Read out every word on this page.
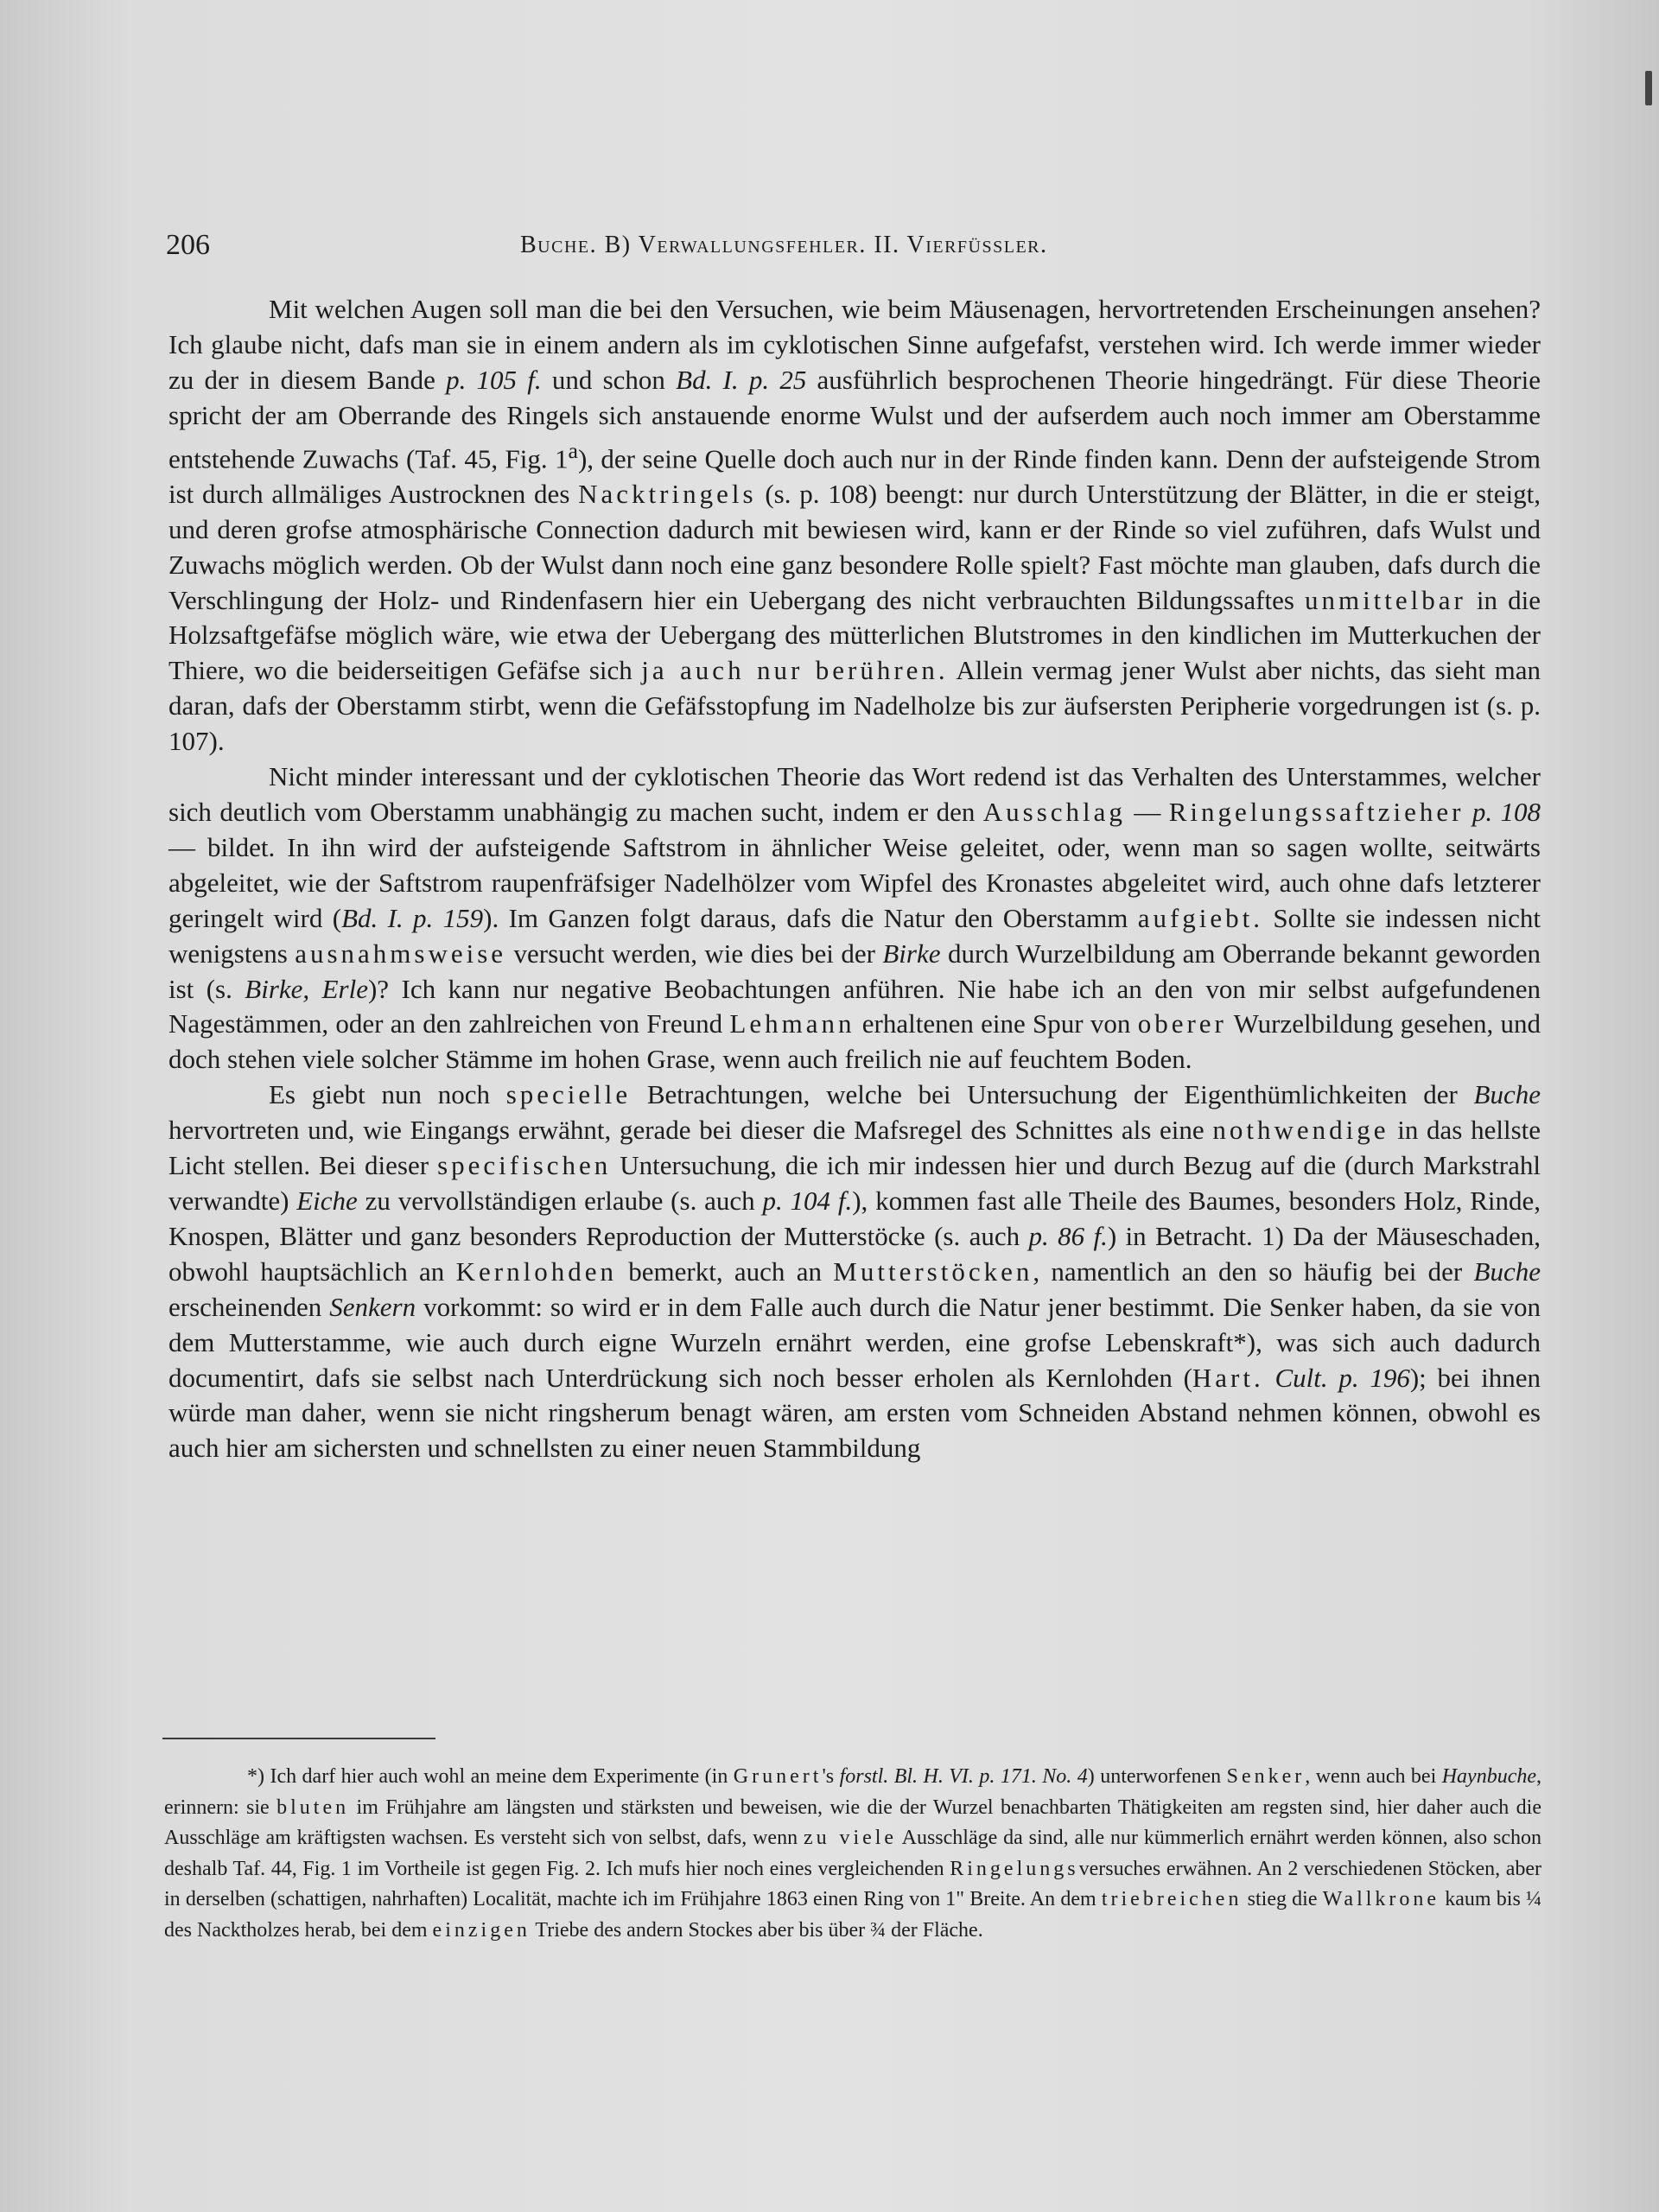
206	Buche. B) Verwallungsfehler. II. Vierfüssler.

Mit welchen Augen soll man die bei den Versuchen, wie beim Mäusenagen, hervortretenden Erscheinungen ansehen? Ich glaube nicht, dafs man sie in einem andern als im cyklotischen Sinne aufgefafst, verstehen wird. Ich werde immer wieder zu der in diesem Bande p. 105 f. und schon Bd. I. p. 25 ausführlich besprochenen Theorie hingedrängt. Für diese Theorie spricht der am Oberrande des Ringels sich anstauende enorme Wulst und der aufserdem auch noch immer am Oberstamme entstehende Zuwachs (Taf. 45, Fig. 1$^a$), der seine Quelle doch auch nur in der Rinde finden kann. Denn der aufsteigende Strom ist durch allmäliges Austrocknen des Nacktringels (s. p. 108) beengt: nur durch Unterstützung der Blätter, in die er steigt, und deren grofse atmosphärische Connection dadurch mit bewiesen wird, kann er der Rinde so viel zuführen, dafs Wulst und Zuwachs möglich werden. Ob der Wulst dann noch eine ganz besondere Rolle spielt? Fast möchte man glauben, dafs durch die Verschlingung der Holz- und Rindenfasern hier ein Uebergang des nicht verbrauchten Bildungssaftes unmittelbar in die Holzsaftgefäfse möglich wäre, wie etwa der Uebergang des mütterlichen Blutstromes in den kindlichen im Mutterkuchen der Thiere, wo die beiderseitigen Gefäfse sich ja auch nur berühren. Allein vermag jener Wulst aber nichts, das sieht man daran, dafs der Oberstamm stirbt, wenn die Gefäfsstopfung im Nadelholze bis zur äufsersten Peripherie vorgedrungen ist (s. p. 107).

Nicht minder interessant und der cyklotischen Theorie das Wort redend ist das Verhalten des Unterstammes, welcher sich deutlich vom Oberstamm unabhängig zu machen sucht, indem er den Ausschlag — Ringelungssaftzieher p. 108 — bildet. In ihn wird der aufsteigende Saftstrom in ähnlicher Weise geleitet, oder, wenn man so sagen wollte, seitwärts abgeleitet, wie der Saftstrom raupenfräfsiger Nadelhölzer vom Wipfel des Kronastes abgeleitet wird, auch ohne dafs letzterer geringelt wird (Bd. I. p. 159). Im Ganzen folgt daraus, dafs die Natur den Oberstamm aufgiebt. Sollte sie indessen nicht wenigstens ausnahmsweise versucht werden, wie dies bei der Birke durch Wurzelbildung am Oberrande bekannt geworden ist (s. Birke, Erle)? Ich kann nur negative Beobachtungen anführen. Nie habe ich an den von mir selbst aufgefundenen Nagestämmen, oder an den zahlreichen von Freund Lehmann erhaltenen eine Spur von oberer Wurzelbildung gesehen, und doch stehen viele solcher Stämme im hohen Grase, wenn auch freilich nie auf feuchtem Boden.

Es giebt nun noch specielle Betrachtungen, welche bei Untersuchung der Eigenthümlichkeiten der Buche hervortreten und, wie Eingangs erwähnt, gerade bei dieser die Mafsregel des Schnittes als eine nothwendige in das hellste Licht stellen. Bei dieser specifischen Untersuchung, die ich mir indessen hier und durch Bezug auf die (durch Markstrahl verwandte) Eiche zu vervollständigen erlaube (s. auch p. 104 f.), kommen fast alle Theile des Baumes, besonders Holz, Rinde, Knospen, Blätter und ganz besonders Reproduction der Mutterstöcke (s. auch p. 86 f.) in Betracht. 1) Da der Mäuseschaden, obwohl hauptsächlich an Kernlohden bemerkt, auch an Mutterstöcken, namentlich an den so häufig bei der Buche erscheinenden Senkern vorkommt: so wird er in dem Falle auch durch die Natur jener bestimmt. Die Senker haben, da sie von dem Mutterstamme, wie auch durch eigne Wurzeln ernährt werden, eine grofse Lebenskraft*), was sich auch dadurch documentirt, dafs sie selbst nach Unterdrückung sich noch besser erholen als Kernlohden (Hart. Cult. p. 196); bei ihnen würde man daher, wenn sie nicht ringsherum benagt wären, am ersten vom Schneiden Abstand nehmen können, obwohl es auch hier am sichersten und schnellsten zu einer neuen Stammbildung

*) Ich darf hier auch wohl an meine dem Experimente (in Grunert's forstl. Bl. H. VI. p. 171. No. 4) unterworfenen Senker, wenn auch bei Haynbuche, erinnern: sie bluten im Frühjahre am längsten und stärksten und beweisen, wie die der Wurzel benachbarten Thätigkeiten am regsten sind, hier daher auch die Ausschläge am kräftigsten wachsen. Es versteht sich von selbst, dafs, wenn zu viele Ausschläge da sind, alle nur kümmerlich ernährt werden können, also schon deshalb Taf. 44, Fig. 1 im Vortheile ist gegen Fig. 2. Ich mufs hier noch eines vergleichenden Ringelungsversuches erwähnen. An 2 verschiedenen Stöcken, aber in derselben (schattigen, nahrhaften) Localität, machte ich im Frühjahre 1863 einen Ring von 1" Breite. An dem triebreichen stieg die Wallkrone kaum bis ¼ des Nacktholzes herab, bei dem einzigen Triebe des andern Stockes aber bis über ¾ der Fläche.
